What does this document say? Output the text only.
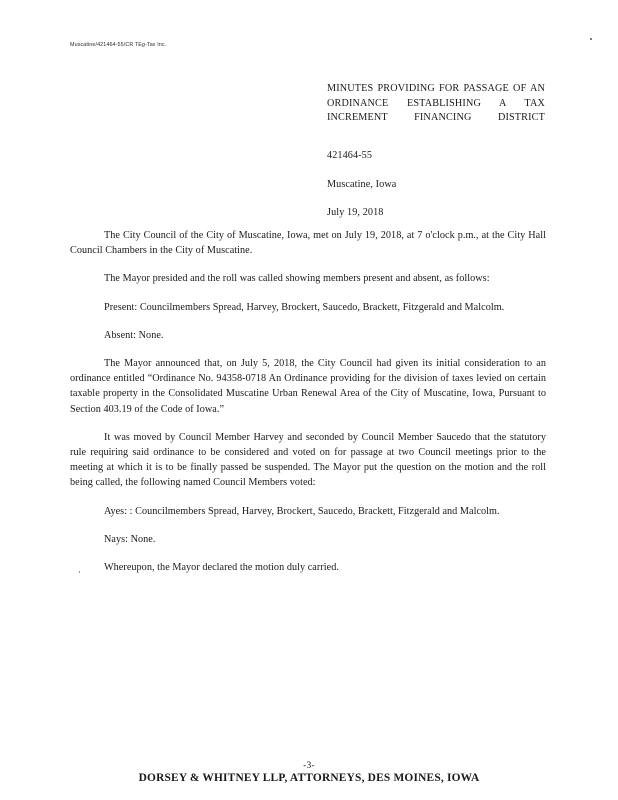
Muscatine/421464-55/CR TEg-Tax Inc.
MINUTES PROVIDING FOR PASSAGE OF AN ORDINANCE ESTABLISHING A TAX INCREMENT FINANCING DISTRICT
421464-55
Muscatine, Iowa
July 19, 2018

The City Council of the City of Muscatine, Iowa, met on July 19, 2018, at 7 o'clock p.m., at the City Hall Council Chambers in the City of Muscatine.

The Mayor presided and the roll was called showing members present and absent, as follows:

Present: Councilmembers Spread, Harvey, Brockert, Saucedo, Brackett, Fitzgerald and Malcolm.

Absent: None.

The Mayor announced that, on July 5, 2018, the City Council had given its initial consideration to an ordinance entitled “Ordinance No. 94358-0718 An Ordinance providing for the division of taxes levied on certain taxable property in the Consolidated Muscatine Urban Renewal Area of the City of Muscatine, Iowa, Pursuant to Section 403.19 of the Code of Iowa.”

It was moved by Council Member Harvey and seconded by Council Member Saucedo that the statutory rule requiring said ordinance to be considered and voted on for passage at two Council meetings prior to the meeting at which it is to be finally passed be suspended. The Mayor put the question on the motion and the roll being called, the following named Council Members voted:

Ayes: : Councilmembers Spread, Harvey, Brockert, Saucedo, Brackett, Fitzgerald and Malcolm.

Nays: None.

· Whereupon, the Mayor declared the motion duly carried.

-3-
DORSEY & WHITNEY LLP, ATTORNEYS, DES MOINES, IOWA
